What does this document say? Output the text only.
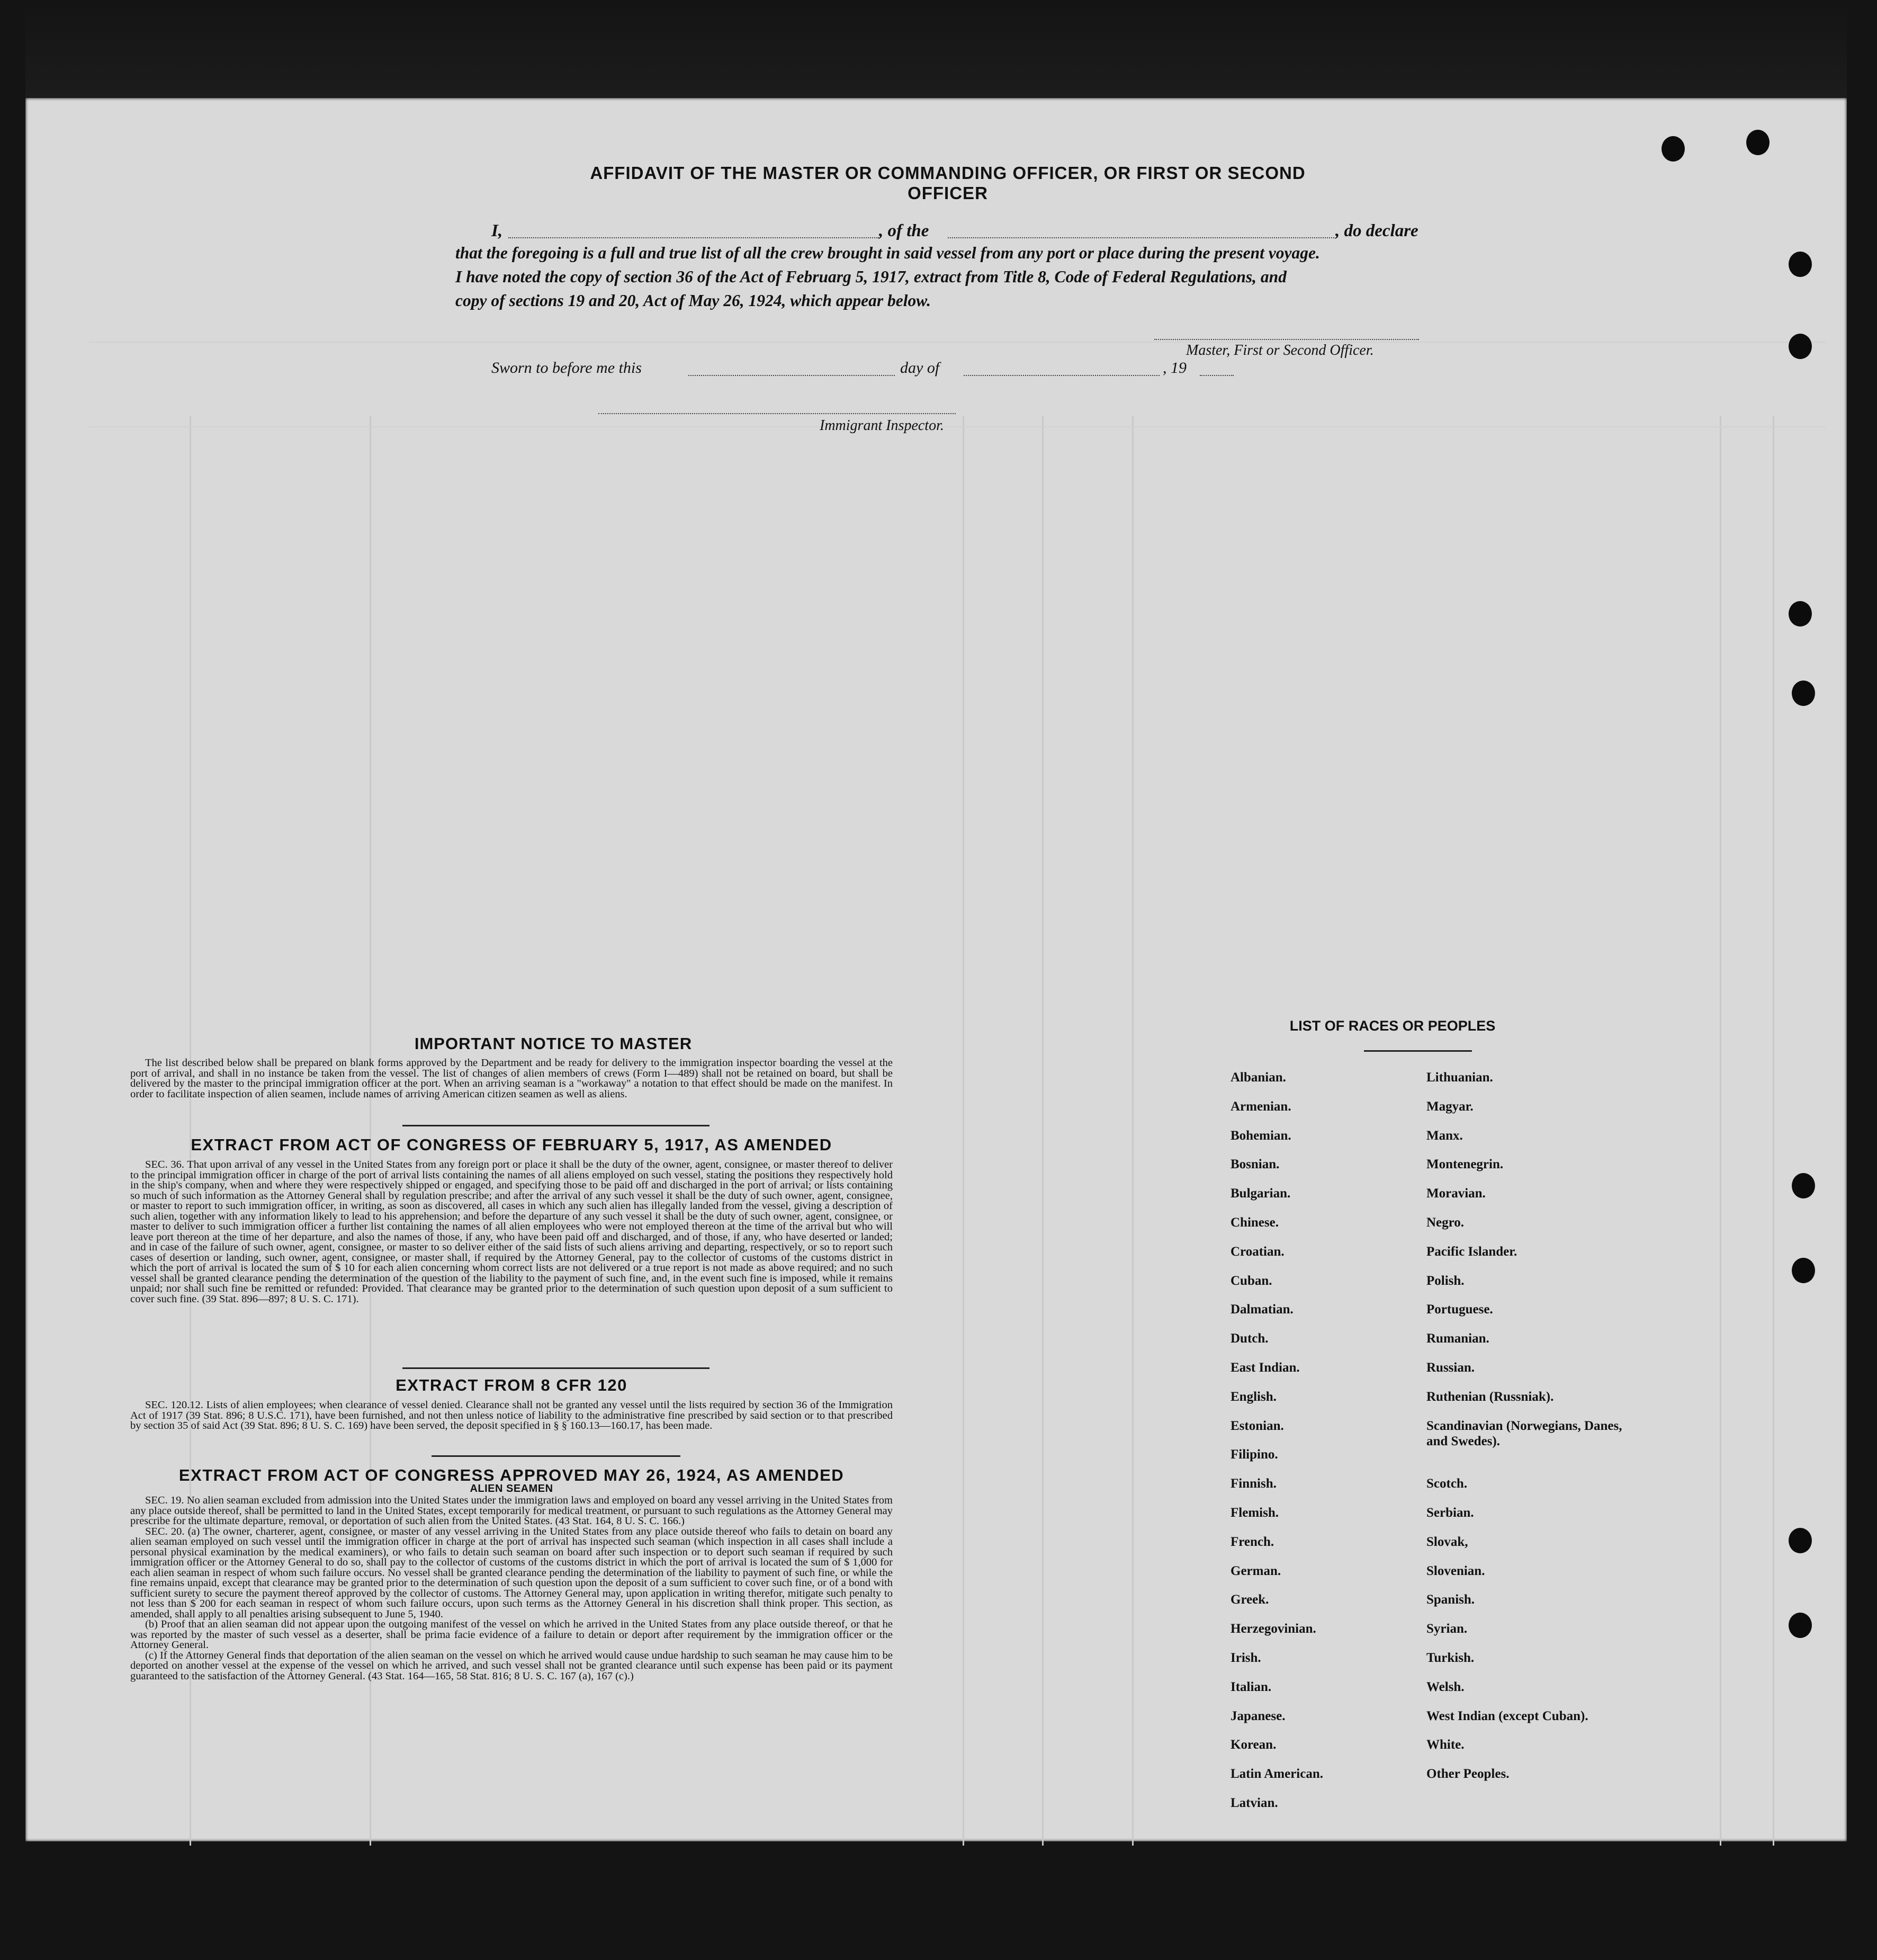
AFFIDAVIT OF THE MASTER OR COMMANDING OFFICER, OR FIRST OR SECOND OFFICER
I,	, of the	, do declare
that the foregoing is a full and true list of all the crew brought in said vessel from any port or place during the present voyage.
I have noted the copy of section 36 of the Act of Februarg 5, 1917, extract from Title 8, Code of Federal Regulations, and
copy of sections 19 and 20, Act of May 26, 1924, which appear below.
Master, First or Second Officer.
Sworn to before me this	day of	, 19
Immigrant Inspector.
IMPORTANT NOTICE TO MASTER

The list described below shall be prepared on blank forms approved by the Department and be ready for delivery to the immigration inspector boarding the vessel at the port of arrival, and shall in no instance be taken from the vessel. The list of changes of alien members of crews (Form I—489) shall not be retained on board, but shall be delivered by the master to the principal immigration officer at the port. When an arriving seaman is a "workaway" a notation to that effect should be made on the manifest. In order to facilitate inspection of alien seamen, include names of arriving American citizen seamen as well as aliens.

EXTRACT FROM ACT OF CONGRESS OF FEBRUARY 5, 1917, AS AMENDED

SEC. 36. That upon arrival of any vessel in the United States from any foreign port or place it shall be the duty of the owner, agent, consignee, or master thereof to deliver to the principal immigration officer in charge of the port of arrival lists containing the names of all aliens employed on such vessel, stating the positions they respectively hold in the ship's company, when and where they were respectively shipped or engaged, and specifying those to be paid off and discharged in the port of arrival; or lists containing so much of such information as the Attorney General shall by regulation prescribe; and after the arrival of any such vessel it shall be the duty of such owner, agent, consignee, or master to report to such immigration officer, in writing, as soon as discovered, all cases in which any such alien has illegally landed from the vessel, giving a description of such alien, together with any information likely to lead to his apprehension; and before the departure of any such vessel it shall be the duty of such owner, agent, consignee, or master to deliver to such immigration officer a further list containing the names of all alien employees who were not employed thereon at the time of the arrival but who will leave port thereon at the time of her departure, and also the names of those, if any, who have been paid off and discharged, and of those, if any, who have deserted or landed; and in case of the failure of such owner, agent, consignee, or master to so deliver either of the said lists of such aliens arriving and departing, respectively, or so to report such cases of desertion or landing, such owner, agent, consignee, or master shall, if required by the Attorney General, pay to the collector of customs of the customs district in which the port of arrival is located the sum of $ 10 for each alien concerning whom correct lists are not delivered or a true report is not made as above required; and no such vessel shall be granted clearance pending the determination of the question of the liability to the payment of such fine, and, in the event such fine is imposed, while it remains unpaid; nor shall such fine be remitted or refunded: Provided. That clearance may be granted prior to the determination of such question upon deposit of a sum sufficient to cover such fine. (39 Stat. 896—897; 8 U. S. C. 171).

EXTRACT FROM 8 CFR 120

SEC. 120.12. Lists of alien employees; when clearance of vessel denied. Clearance shall not be granted any vessel until the lists required by section 36 of the Immigration Act of 1917 (39 Stat. 896; 8 U.S.C. 171), have been furnished, and not then unless notice of liability to the administrative fine prescribed by said section or to that prescribed by section 35 of said Act (39 Stat. 896; 8 U. S. C. 169) have been served, the deposit specified in § § 160.13—160.17, has been made.

EXTRACT FROM ACT OF CONGRESS APPROVED MAY 26, 1924, AS AMENDED
ALIEN SEAMEN

SEC. 19. No alien seaman excluded from admission into the United States under the immigration laws and employed on board any vessel arriving in the United States from any place outside thereof, shall be permitted to land in the United States, except temporarily for medical treatment, or pursuant to such regulations as the Attorney General may prescribe for the ultimate departure, removal, or deportation of such alien from the United States. (43 Stat. 164, 8 U. S. C. 166.)

SEC. 20. (a) The owner, charterer, agent, consignee, or master of any vessel arriving in the United States from any place outside thereof who fails to detain on board any alien seaman employed on such vessel until the immigration officer in charge at the port of arrival has inspected such seaman (which inspection in all cases shall include a personal physical examination by the medical examiners), or who fails to detain such seaman on board after such inspection or to deport such seaman if required by such immigration officer or the Attorney General to do so, shall pay to the collector of customs of the customs district in which the port of arrival is located the sum of $ 1,000 for each alien seaman in respect of whom such failure occurs. No vessel shall be granted clearance pending the determination of the liability to payment of such fine, or while the fine remains unpaid, except that clearance may be granted prior to the determination of such question upon the deposit of a sum sufficient to cover such fine, or of a bond with sufficient surety to secure the payment thereof approved by the collector of customs. The Attorney General may, upon application in writing therefor, mitigate such penalty to not less than $ 200 for each seaman in respect of whom such failure occurs, upon such terms as the Attorney General in his discretion shall think proper. This section, as amended, shall apply to all penalties arising subsequent to June 5, 1940.

(b) Proof that an alien seaman did not appear upon the outgoing manifest of the vessel on which he arrived in the United States from any place outside thereof, or that he was reported by the master of such vessel as a deserter, shall be prima facie evidence of a failure to detain or deport after requirement by the immigration officer or the Attorney General.

(c) If the Attorney General finds that deportation of the alien seaman on the vessel on which he arrived would cause undue hardship to such seaman he may cause him to be deported on another vessel at the expense of the vessel on which he arrived, and such vessel shall not be granted clearance until such expense has been paid or its payment guaranteed to the satisfaction of the Attorney General. (43 Stat. 164—165, 58 Stat. 816; 8 U. S. C. 167 (a), 167 (c).)

LIST OF RACES OR PEOPLES
Albanian.
Armenian.
Bohemian.
Bosnian.
Bulgarian.
Chinese.
Croatian.
Cuban.
Dalmatian.
Dutch.
East Indian.
English.
Estonian.
Filipino.
Finnish.
Flemish.
French.
German.
Greek.
Herzegovinian.
Irish.
Italian.
Japanese.
Korean.
Latin American.
Latvian.
Lithuanian.
Magyar.
Manx.
Montenegrin.
Moravian.
Negro.
Pacific Islander.
Polish.
Portuguese.
Rumanian.
Russian.
Ruthenian (Russniak).
Scandinavian (Norwegians, Danes, and Swedes).
Scotch.
Serbian.
Slovak,
Slovenian.
Spanish.
Syrian.
Turkish.
Welsh.
West Indian (except Cuban).
White.
Other Peoples.
